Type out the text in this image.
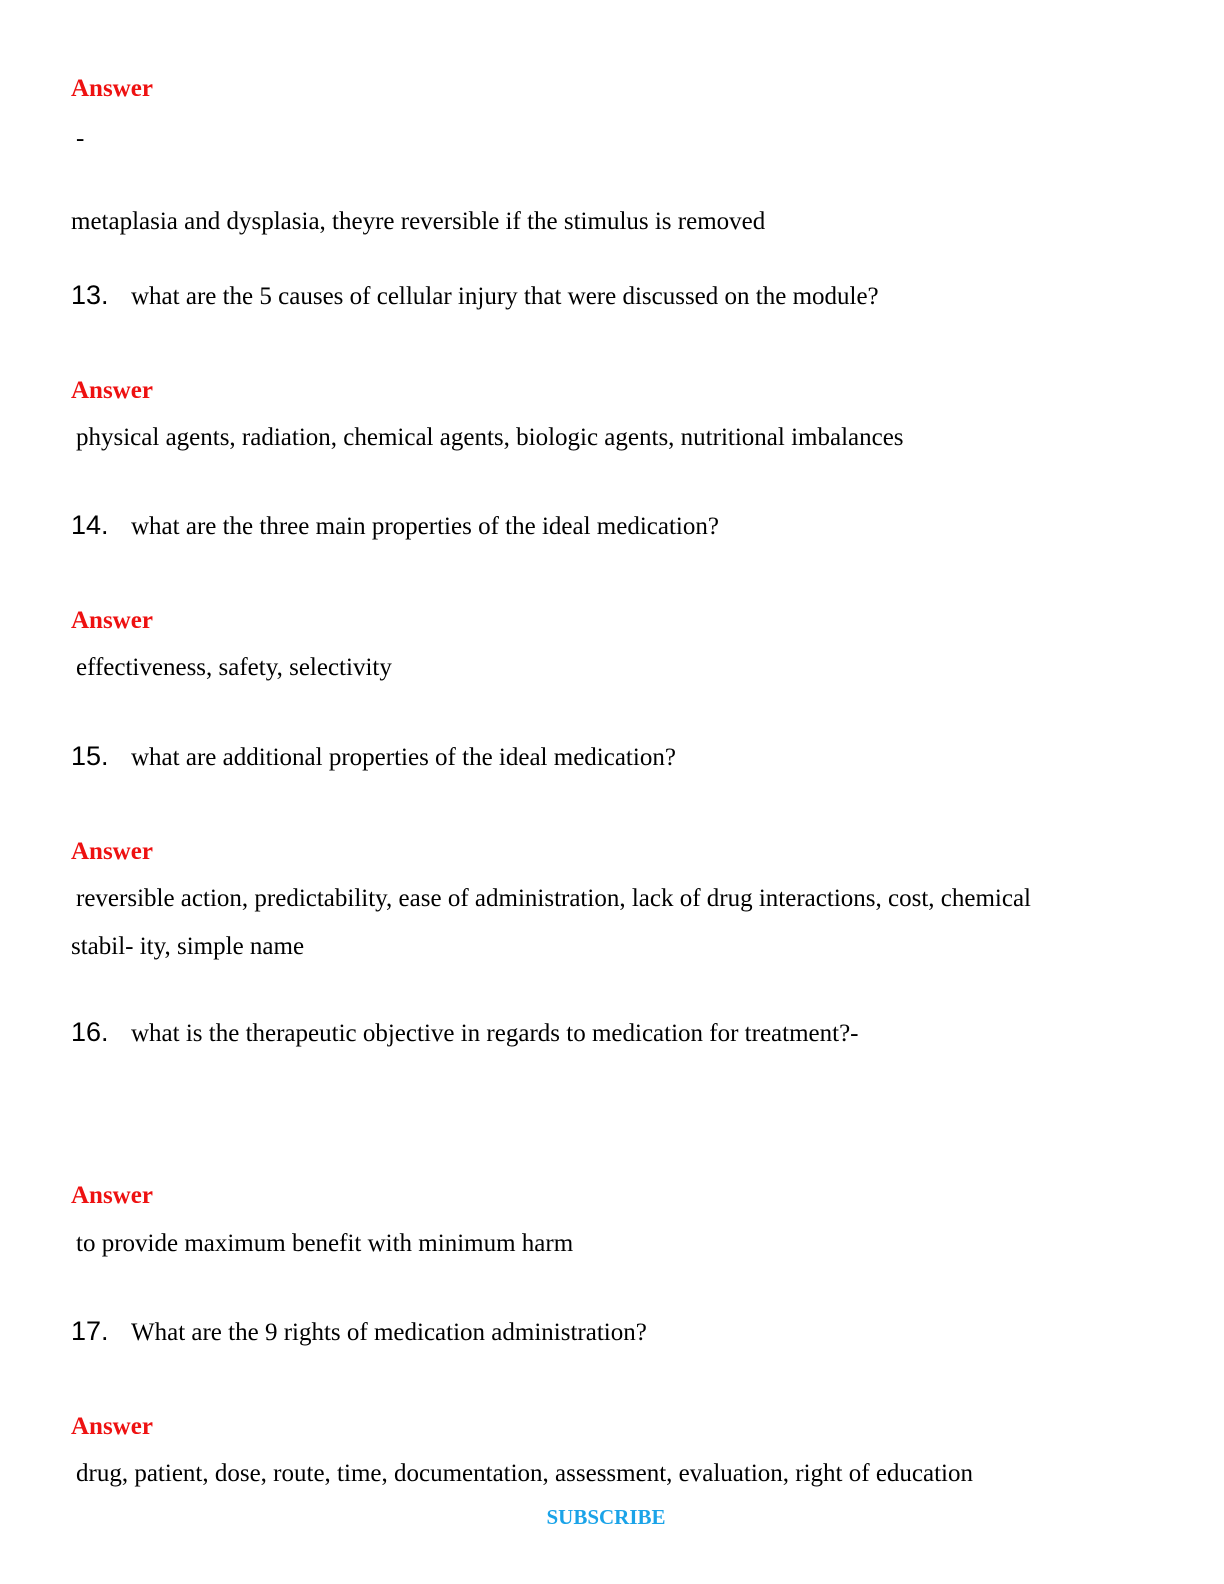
Answer
-
metaplasia and dysplasia, theyre reversible if the stimulus is removed
13. what are the 5 causes of cellular injury that were discussed on the module?
Answer
physical agents, radiation, chemical agents, biologic agents, nutritional imbalances
14. what are the three main properties of the ideal medication?
Answer
effectiveness, safety, selectivity
15. what are additional properties of the ideal medication?
Answer
reversible action, predictability, ease of administration, lack of drug interactions, cost, chemical
stabil- ity, simple name
16. what is the therapeutic objective in regards to medication for treatment?-
Answer
to provide maximum benefit with minimum harm
17. What are the 9 rights of medication administration?
Answer
drug, patient, dose, route, time, documentation, assessment, evaluation, right of education
SUBSCRIBE
